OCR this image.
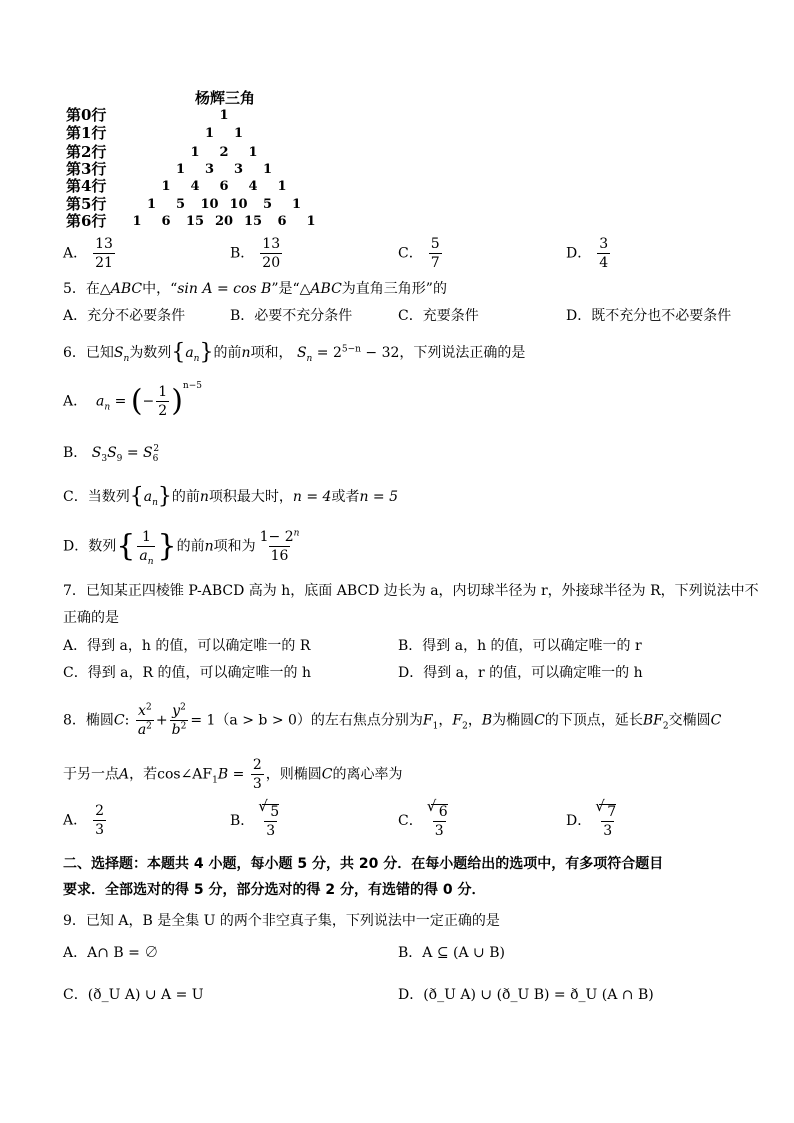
杨辉三角
第0行	1
第1行	1 1
第2行	1 2 1
第3行	1 3 3 1
第4行	1 4 6 4 1
第5行	1 5 10 10 5 1
第6行 1 6 15 20 15 6 1
A． $\frac{13}{21}$	B． $\frac{13}{20}$	C． $\frac{5}{7}$	D． $\frac{3}{4}$
5．在△ABC中，“sin A = cos B”是“△ABC为直角三角形”的
A．充分不必要条件	B．必要不充分条件	C．充要条件	D．既不充分也不必要条件
6．已知$S_n$为数列$\{a_n\}$的前n项和， $S_n = 2^{5-n} - 32$，下列说法正确的是
A． $a_n$ = (− $\frac{1}{2} )^{n-5}$
B． $S_3S_9 = S_6^2$
C．当数列$\{a_n\}$的前n项积最大时，n = 4或者n = 5
D．数列{ $\frac{1}{a_n}$ }的前n项和为 $\frac{1- 2^n}{16}$
7．已知某正四棱锥 P-ABCD 高为 h，底面 ABCD 边长为 a，内切球半径为 r，外接球半径为 R，下列说法中不
正确的是
A．得到 a，h 的值，可以确定唯一的 R	B．得到 a，h 的值，可以确定唯一的 r
C．得到 a，R 的值，可以确定唯一的 h	D．得到 a，r 的值，可以确定唯一的 h
8．椭圆C: $\frac{x^2}{a^2} + \frac{y^2}{b^2} = 1(a > b > 0)$的左右焦点分别为$F_1$，$F_2$，B为椭圆C的下顶点，延长$BF_2$交椭圆C
于另一点A，若$\cos\angle AF_1B = \frac{2}{3}$ ，则椭圆C的离心率为
A． $\frac{2}{3}$	B． √ $\frac{5}{3}$	C． √ $\frac{6}{3}$	D． √ $\frac{7}{3}$
二、选择题：本题共 4 小题，每小题 5 分，共 20 分．在每小题给出的选项中，有多项符合题目
要求．全部选对的得 5 分，部分选对的得 2 分，有选错的得 0 分．
9．已知 A，B 是全集 U 的两个非空真子集，下列说法中一定正确的是
A．A∩ B = ∅	B．A ⊆ (A ∪ B)
C．(ð_U A) ∪ A = U	D．(ð_U A) ∪ (ð_U B) = ð_U (A ∩ B)
